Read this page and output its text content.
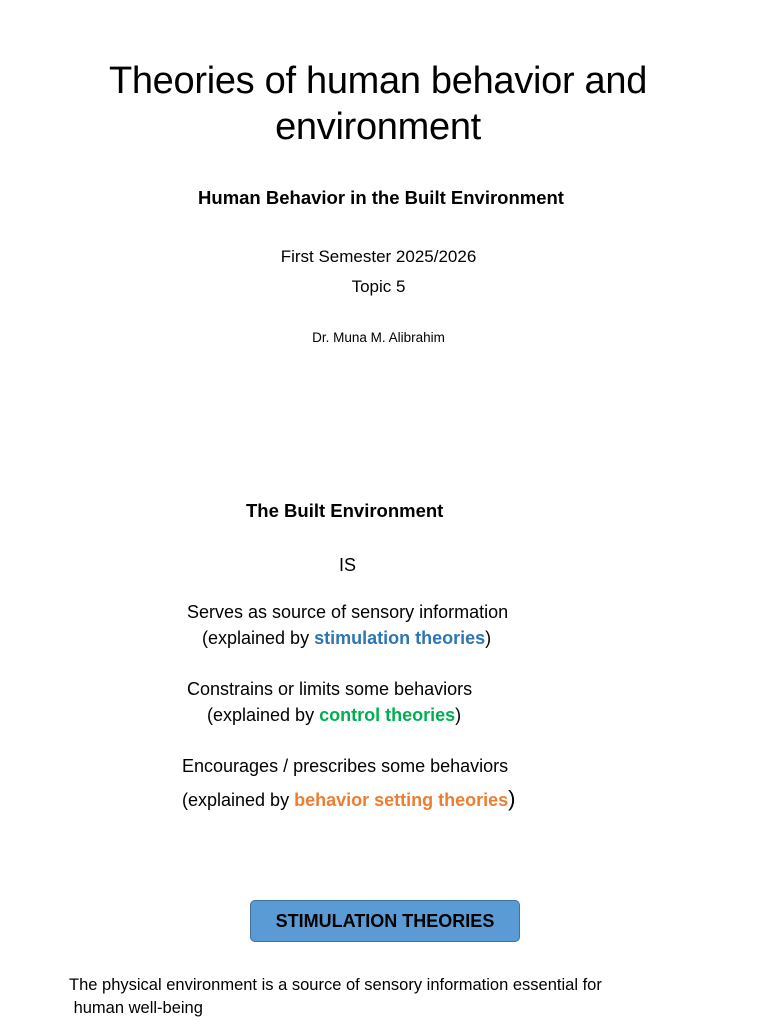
Theories of human behavior and
environment
Human Behavior in the Built Environment
First Semester 2025/2026
Topic 5
Dr. Muna M. Alibrahim
The Built Environment
IS
Serves as source of sensory information
(explained by stimulation theories)
Constrains or limits some behaviors
(explained by control theories)
Encourages / prescribes some behaviors
(explained by behavior setting theories)
STIMULATION THEORIES
The physical environment is a source of sensory information essential for
human well-being
